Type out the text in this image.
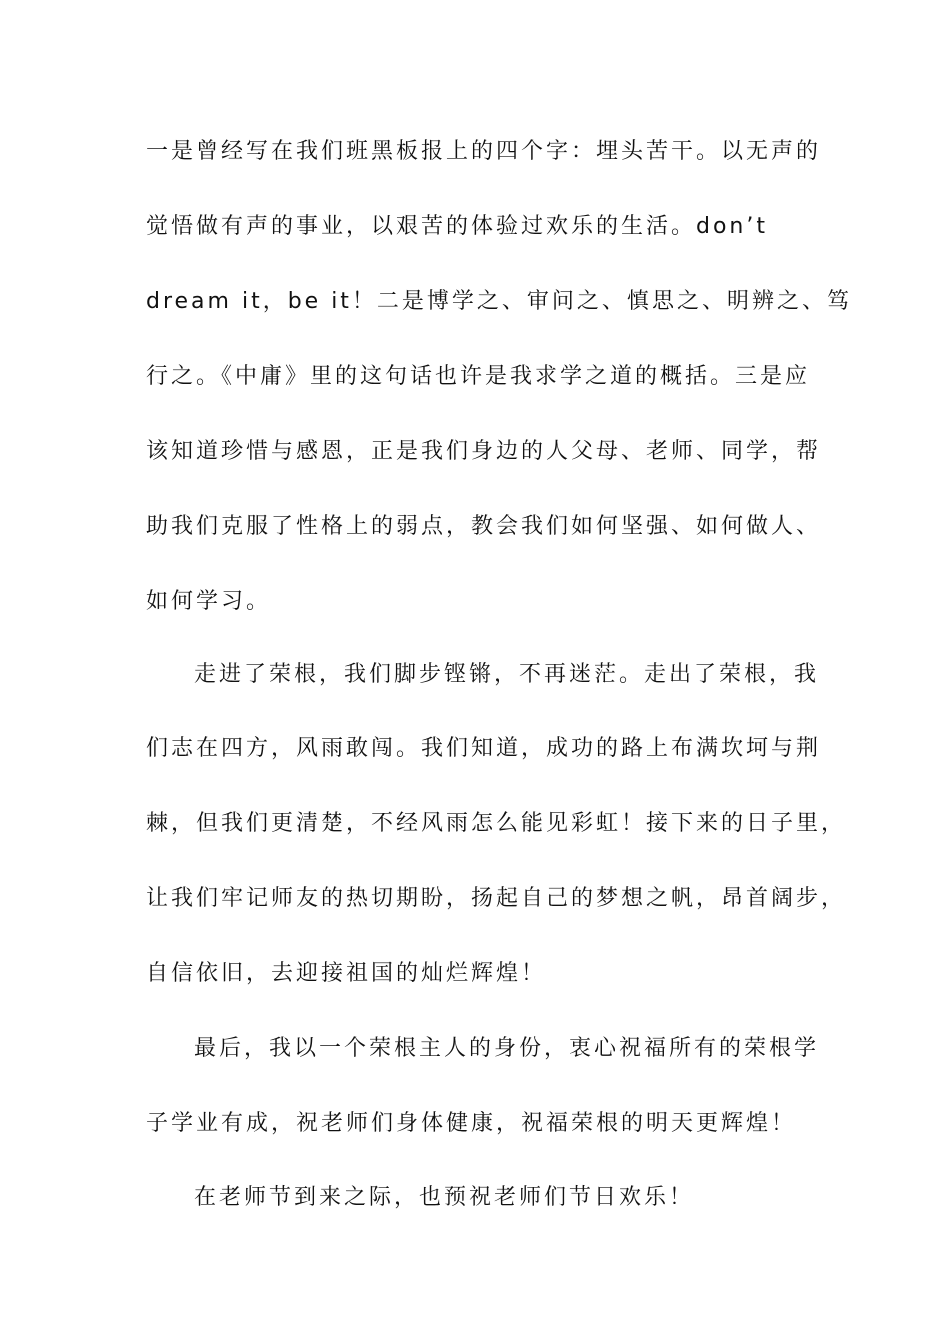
一是曾经写在我们班黑板报上的四个字：埋头苦干。以无声的
觉悟做有声的事业，以艰苦的体验过欢乐的生活。don’t
dream it，be it！二是博学之、审问之、慎思之、明辨之、笃
行之。《中庸》里的这句话也许是我求学之道的概括。三是应
该知道珍惜与感恩，正是我们身边的人父母、老师、同学，帮
助我们克服了性格上的弱点，教会我们如何坚强、如何做人、
如何学习。
走进了荣根，我们脚步铿锵，不再迷茫。走出了荣根，我
们志在四方，风雨敢闯。我们知道，成功的路上布满坎坷与荆
棘，但我们更清楚，不经风雨怎么能见彩虹！接下来的日子里，
让我们牢记师友的热切期盼，扬起自己的梦想之帆，昂首阔步，
自信依旧，去迎接祖国的灿烂辉煌！
最后，我以一个荣根主人的身份，衷心祝福所有的荣根学
子学业有成，祝老师们身体健康，祝福荣根的明天更辉煌！
在老师节到来之际，也预祝老师们节日欢乐！
